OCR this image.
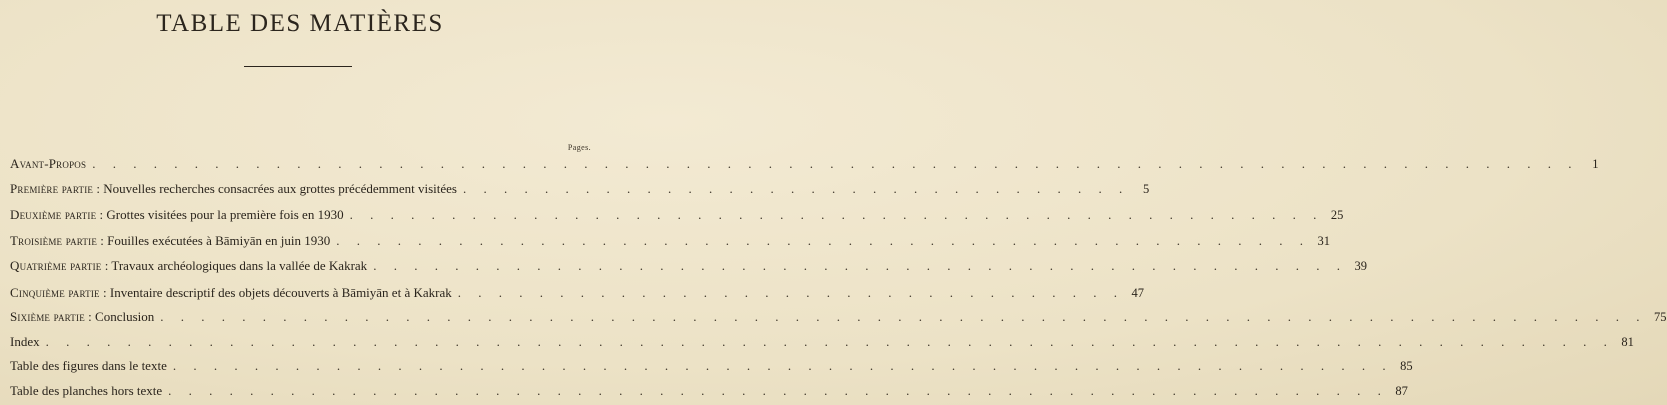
TABLE DES MATIÈRES
Pages.
Avant-Propos . . . . . . . . . . . . . . . . . . . . . . . . . . . . . . . . . . . . . . . . . . . . . . . . . . . . . . . . . . . . . . . . . . . . . . . . .	1
Première partie : Nouvelles recherches consacrées aux grottes précédemment visitées . . . . . . . . . . . . . . . . . . . . . . . . . . . . . . . . .	5
Deuxième partie : Grottes visitées pour la première fois en 1930 . . . . . . . . . . . . . . . . . . . . . . . . . . . . . . . . . . . . . . . . . . . . . . . . 25
Troisième partie : Fouilles exécutées à Bāmiyān en juin 1930 . . . . . . . . . . . . . . . . . . . . . . . . . . . . . . . . . . . . . . . . . . . . . . . . 31
Quatrième partie : Travaux archéologiques dans la vallée de Kakrak . . . . . . . . . . . . . . . . . . . . . . . . . . . . . . . . . . . . . . . . . . . . . . . . 39
Cinquième partie : Inventaire descriptif des objets découverts à Bāmiyān et à Kakrak . . . . . . . . . . . . . . . . . . . . . . . . . . . . . . . . . 47
Sixième partie : Conclusion . . . . . . . . . . . . . . . . . . . . . . . . . . . . . . . . . . . . . . . . . . . . . . . . . . . . . . . . . . . . . . . . . . . . . . . . . 75
Index . . . . . . . . . . . . . . . . . . . . . . . . . . . . . . . . . . . . . . . . . . . . . . . . . . . . . . . . . . . . . . . . . . . . . . . . . . . . . 81
Table des figures dans le texte . . . . . . . . . . . . . . . . . . . . . . . . . . . . . . . . . . . . . . . . . . . . . . . . . . . . . . . . . . . . 85
Table des planches hors texte . . . . . . . . . . . . . . . . . . . . . . . . . . . . . . . . . . . . . . . . . . . . . . . . . . . . . . . . . . . . 87
